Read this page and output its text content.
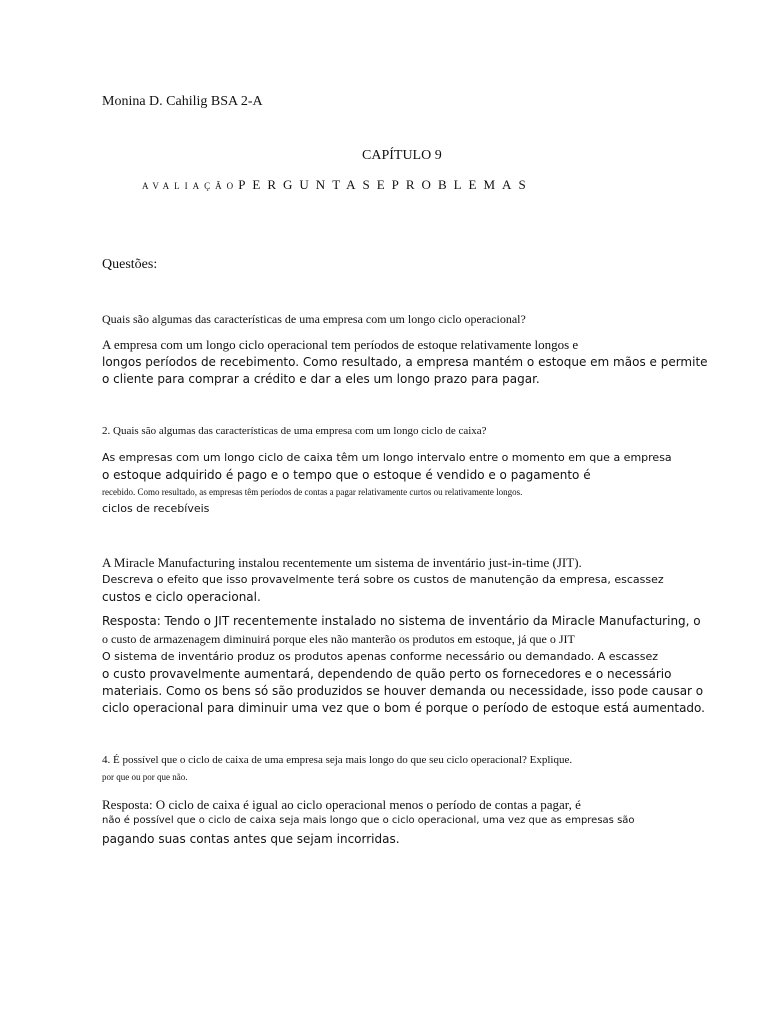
Monina D. Cahilig BSA 2-A
CAPÍTULO 9
AVALIAÇÃOPERGUNTASEPROBLEMAS
Questões:
Quais são algumas das características de uma empresa com um longo ciclo operacional?
A empresa com um longo ciclo operacional tem períodos de estoque relativamente longos e
longos períodos de recebimento. Como resultado, a empresa mantém o estoque em mãos e permite
o cliente para comprar a crédito e dar a eles um longo prazo para pagar.
2. Quais são algumas das características de uma empresa com um longo ciclo de caixa?
As empresas com um longo ciclo de caixa têm um longo intervalo entre o momento em que a empresa
o estoque adquirido é pago e o tempo que o estoque é vendido e o pagamento é
recebido. Como resultado, as empresas têm períodos de contas a pagar relativamente curtos ou relativamente longos.
ciclos de recebíveis
A Miracle Manufacturing instalou recentemente um sistema de inventário just-in-time (JIT).
Descreva o efeito que isso provavelmente terá sobre os custos de manutenção da empresa, escassez
custos e ciclo operacional.
Resposta: Tendo o JIT recentemente instalado no sistema de inventário da Miracle Manufacturing, o
o custo de armazenagem diminuirá porque eles não manterão os produtos em estoque, já que o JIT
O sistema de inventário produz os produtos apenas conforme necessário ou demandado. A escassez
o custo provavelmente aumentará, dependendo de quão perto os fornecedores e o necessário
materiais. Como os bens só são produzidos se houver demanda ou necessidade, isso pode causar o
ciclo operacional para diminuir uma vez que o bom é porque o período de estoque está aumentado.
4. É possível que o ciclo de caixa de uma empresa seja mais longo do que seu ciclo operacional? Explique.
por que ou por que não.
Resposta: O ciclo de caixa é igual ao ciclo operacional menos o período de contas a pagar, é
não é possível que o ciclo de caixa seja mais longo que o ciclo operacional, uma vez que as empresas são
pagando suas contas antes que sejam incorridas.
